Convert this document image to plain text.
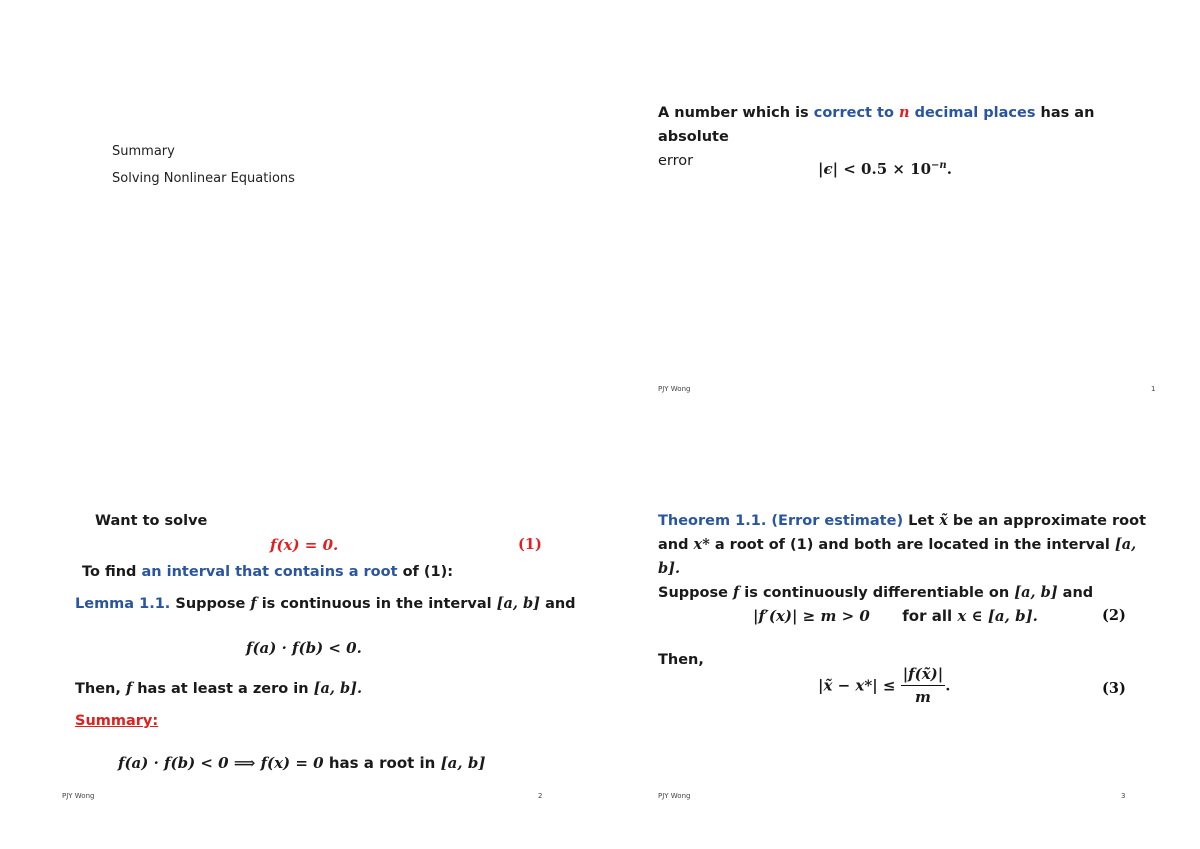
Summary
Solving Nonlinear Equations
A number which is correct to n decimal places has an absolute
error	$|\epsilon| < 0.5 \times 10^{-n}$.
PJY Wong	1
Want to solve
f(x) = 0.	(1)
To find an interval that contains a root of (1):
Lemma 1.1. Suppose f is continuous in the interval [a, b] and
f(a) · f(b) < 0.
Then, f has at least a zero in [a, b].
Summary:
f(a) · f(b) < 0 ⟹ f(x) = 0 has a root in [a, b]
PJY Wong	2
Theorem 1.1. (Error estimate) Let x̃ be an approximate root
and x* a root of (1) and both are located in the interval [a, b].
Suppose f is continuously differentiable on [a, b] and
|f′(x)| ≥ m > 0 for all x ∈ [a, b].	(2)
Then,
|x̃ − $x*| \le \frac{|f(x̃)|}{m}$ .	(3)
PJY Wong	3
